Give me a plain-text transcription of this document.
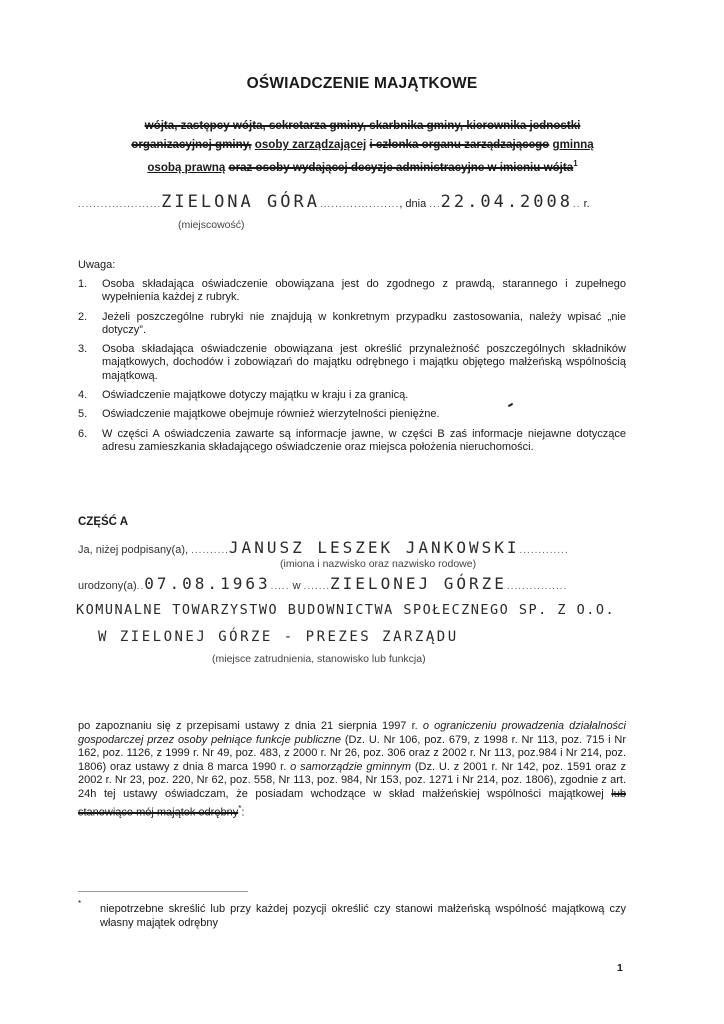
OŚWIADCZENIE MAJĄTKOWE
wójta, zastępcy wójta, sekretarza gminy, skarbnika gminy, kierownika jednostki
organizacyjnej gminy, osoby zarządzającej i członka organu zarządzającego gminną
osobą prawną oraz osoby wydającej decyzje administracyjne w imieniu wójta$^1$
......................ZIELONA GÓRA....................., dnia ...22.04.2008.. r.
(miejscowość)
Uwaga:
1.	Osoba składająca oświadczenie obowiązana jest do zgodnego z prawdą, starannego i zupełnego wypełnienia każdej z rubryk.
2.	Jeżeli poszczególne rubryki nie znajdują w konkretnym przypadku zastosowania, należy wpisać „nie dotyczy”.
3.	Osoba składająca oświadczenie obowiązana jest określić przynależność poszczególnych składników majątkowych, dochodów i zobowiązań do majątku odrębnego i majątku objętego małżeńską wspólnością majątkową.
4.	Oświadczenie majątkowe dotyczy majątku w kraju i za granicą.
5.	Oświadczenie majątkowe obejmuje również wierzytelności pieniężne.
6.	W części A oświadczenia zawarte są informacje jawne, w części B zaś informacje niejawne dotyczące adresu zamieszkania składającego oświadczenie oraz miejsca położenia nieruchomości.
CZĘŚĆ A
Ja, niżej podpisany(a), ..........JANUSZ LESZEK JANKOWSKI.............
(imiona i nazwisko oraz nazwisko rodowe)
urodzony(a)..07.08.1963..... w .......ZIELONEJ GÓRZE................
KOMUNALNE TOWARZYSTWO BUDOWNICTWA SPOŁECZNEGO SP. Z O.O.
W ZIELONEJ GÓRZE - PREZES ZARZĄDU
(miejsce zatrudnienia, stanowisko lub funkcja)
po zapoznaniu się z przepisami ustawy z dnia 21 sierpnia 1997 r. o ograniczeniu prowadzenia działalności gospodarczej przez osoby pełniące funkcje publiczne (Dz. U. Nr 106, poz. 679, z 1998 r. Nr 113, poz. 715 i Nr 162, poz. 1126, z 1999 r. Nr 49, poz. 483, z 2000 r. Nr 26, poz. 306 oraz z 2002 r. Nr 113, poz.984 i Nr 214, poz. 1806) oraz ustawy z dnia 8 marca 1990 r. o samorządzie gminnym (Dz. U. z 2001 r. Nr 142, poz. 1591 oraz z 2002 r. Nr 23, poz. 220, Nr 62, poz. 558, Nr 113, poz. 984, Nr 153, poz. 1271 i Nr 214, poz. 1806), zgodnie z art. 24h tej ustawy oświadczam, że posiadam wchodzące w skład małżeńskiej wspólności majątkowej lub stanowiące mój majątek odrębny*:
* niepotrzebne skreślić lub przy każdej pozycji określić czy stanowi małżeńską wspólność majątkową czy własny majątek odrębny
1
